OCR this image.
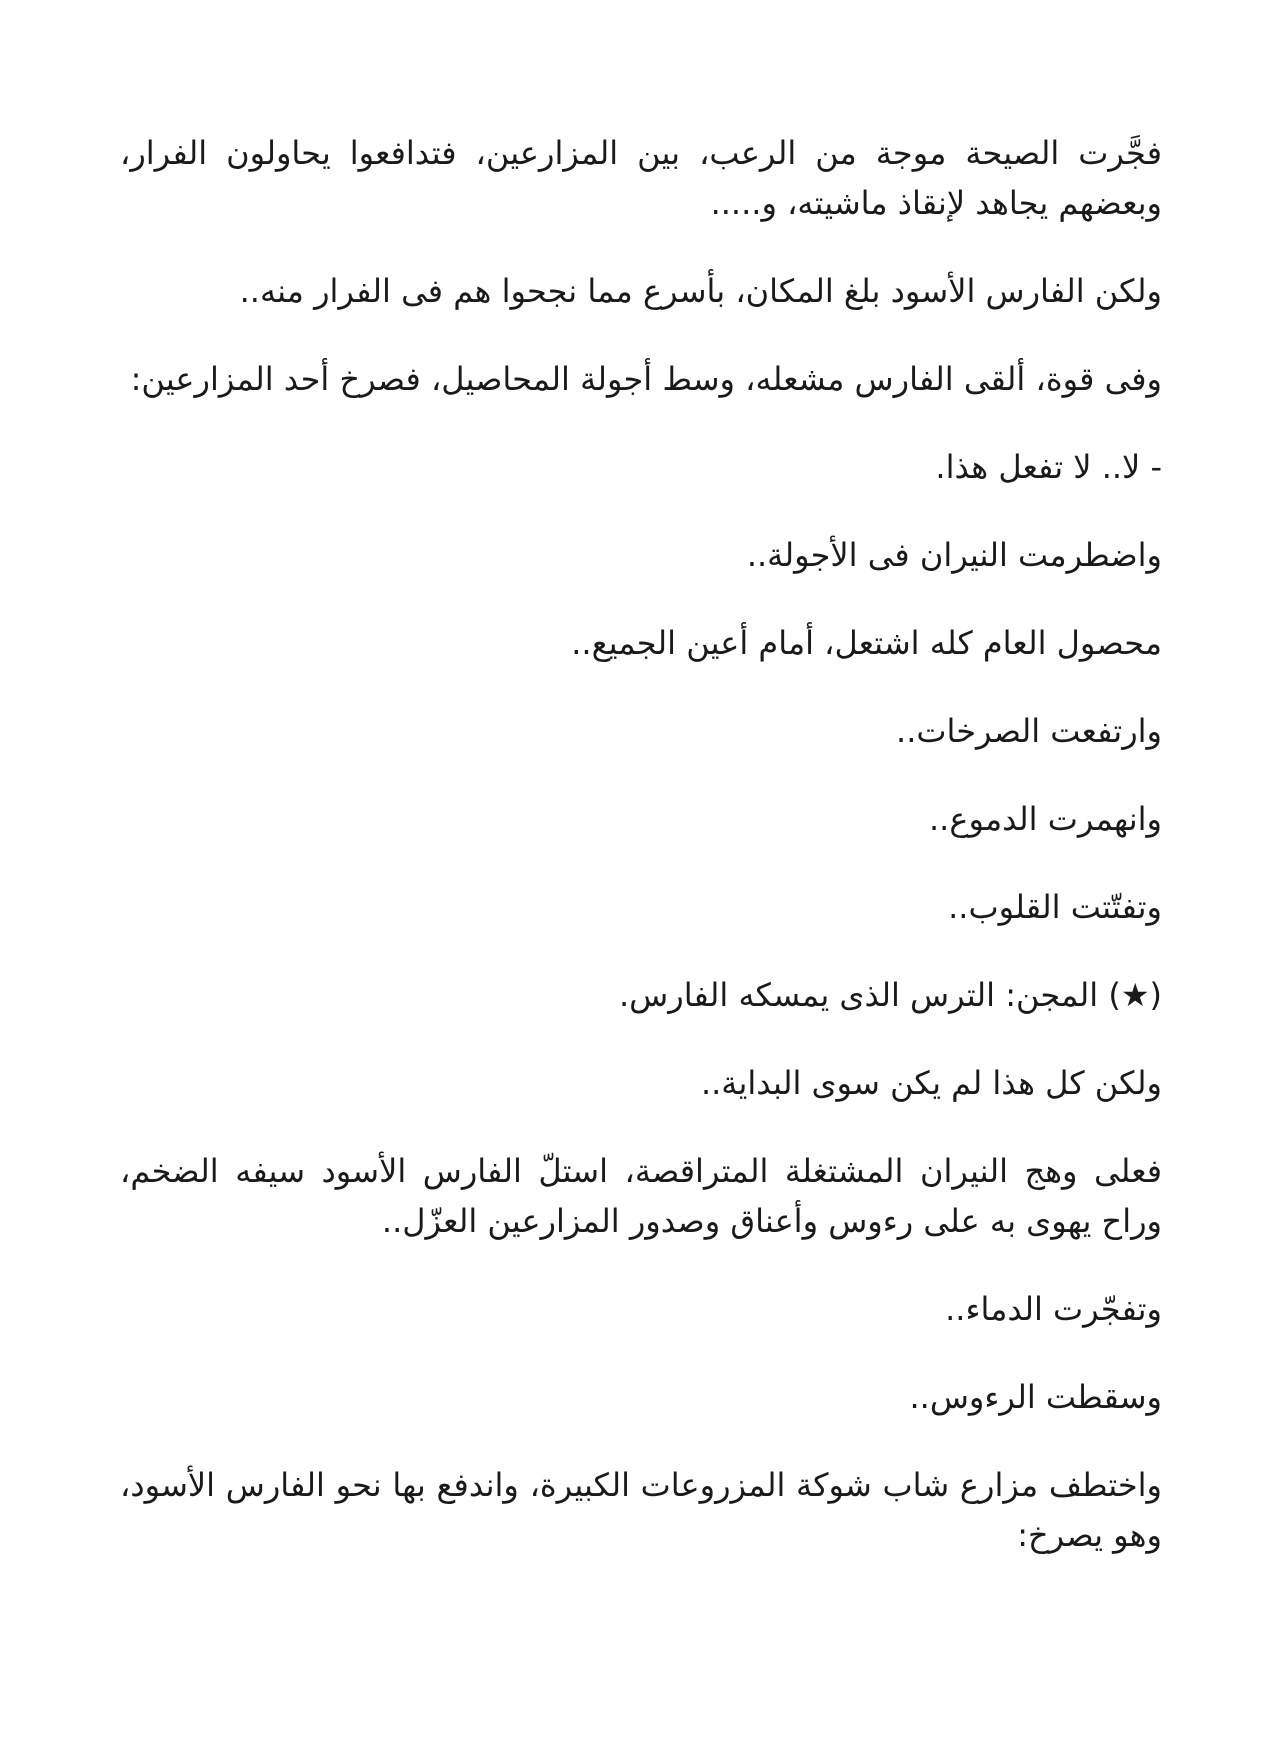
فجَّرت الصيحة موجة من الرعب، بين المزارعين، فتدافعوا يحاولون الفرار، وبعضهم يجاهد لإنقاذ ماشيته، و.....

ولكن الفارس الأسود بلغ المكان، بأسرع مما نجحوا هم فى الفرار منه..

وفى قوة، ألقى الفارس مشعله، وسط أجولة المحاصيل، فصرخ أحد المزارعين:

- لا.. لا تفعل هذا.

واضطرمت النيران فى الأجولة..

محصول العام كله اشتعل، أمام أعين الجميع..

وارتفعت الصرخات..

وانهمرت الدموع..

وتفتّتت القلوب..

(★) المجن: الترس الذى يمسكه الفارس.

ولكن كل هذا لم يكن سوى البداية..

فعلى وهج النيران المشتغلة المتراقصة، استلّ الفارس الأسود سيفه الضخم، وراح يهوى به على رءوس وأعناق وصدور المزارعين العزّل..

وتفجّرت الدماء..

وسقطت الرءوس..

واختطف مزارع شاب شوكة المزروعات الكبيرة، واندفع بها نحو الفارس الأسود، وهو يصرخ:
